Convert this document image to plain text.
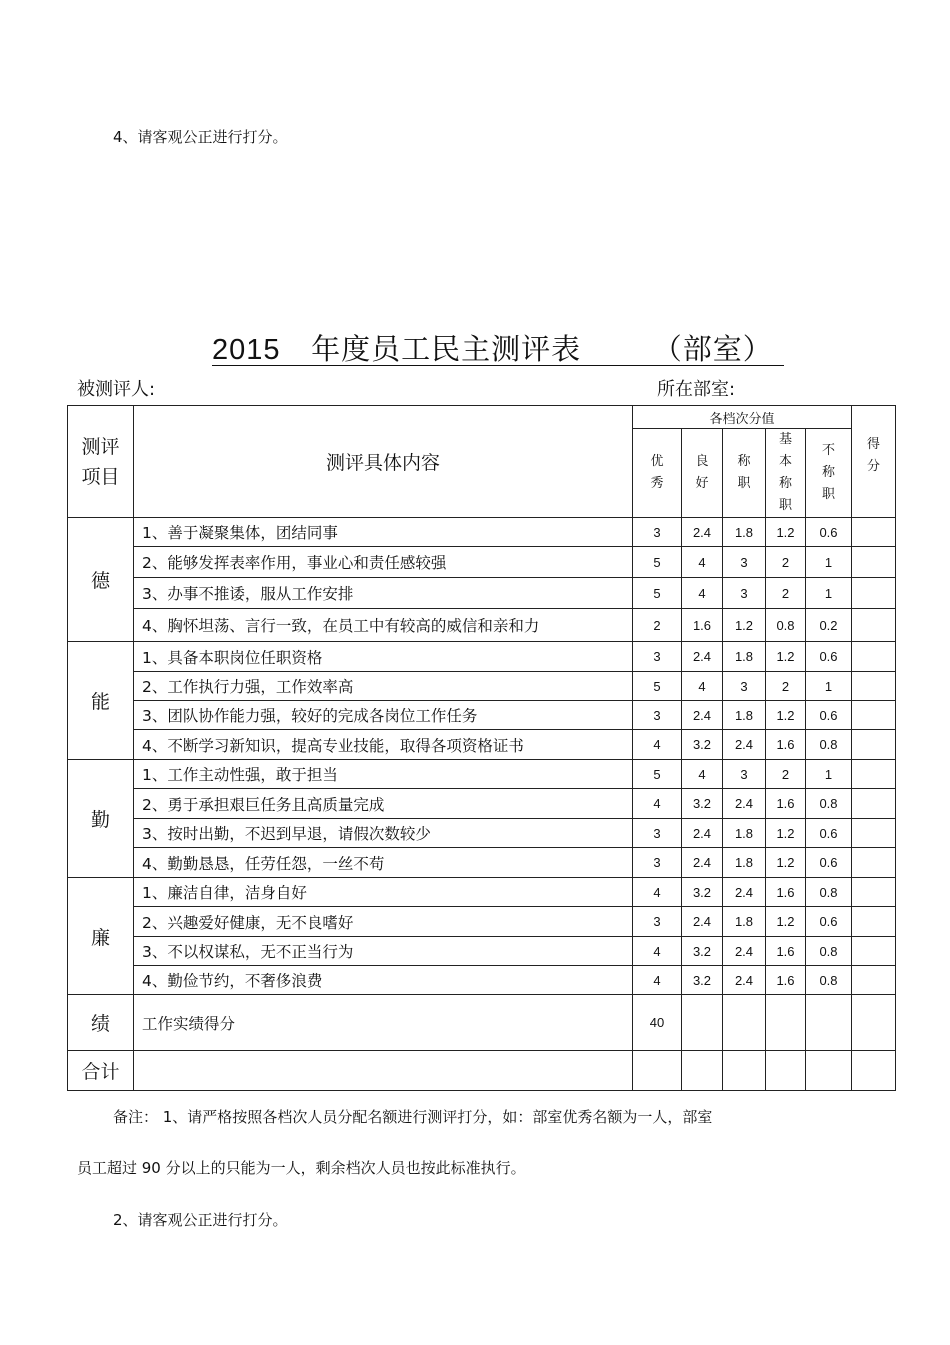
4、请客观公正进行打分。
2015 年度员工民主测评表 （部室）
被测评人:	所在部室:
测评项目	测评具体内容	各档次分值					得分

		优秀	良好	称职	基本称职	不称职	

德	1、善于凝聚集体，团结同事	3	2.4	1.8	1.2	0.6	
	2、能够发挥表率作用，事业心和责任感较强	5	4	3	2	1	
	3、办事不推诿，服从工作安排	5	4	3	2	1	
	4、胸怀坦荡、言行一致，在员工中有较高的威信和亲和力	2	1.6	1.2	0.8	0.2	
能	1、具备本职岗位任职资格	3	2.4	1.8	1.2	0.6	
	2、工作执行力强，工作效率高	5	4	3	2	1	
	3、团队协作能力强，较好的完成各岗位工作任务	3	2.4	1.8	1.2	0.6	
	4、不断学习新知识，提高专业技能，取得各项资格证书	4	3.2	2.4	1.6	0.8	
勤	1、工作主动性强，敢于担当	5	4	3	2	1	
	2、勇于承担艰巨任务且高质量完成	4	3.2	2.4	1.6	0.8	
	3、按时出勤，不迟到早退，请假次数较少	3	2.4	1.8	1.2	0.6	
	4、勤勤恳恳，任劳任怨，一丝不苟	3	2.4	1.8	1.2	0.6	
廉	1、廉洁自律，洁身自好	4	3.2	2.4	1.6	0.8	
	2、兴趣爱好健康，无不良嗜好	3	2.4	1.8	1.2	0.6	
	3、不以权谋私，无不正当行为	4	3.2	2.4	1.6	0.8	
	4、勤俭节约，不奢侈浪费	4	3.2	2.4	1.6	0.8	
绩	工作实绩得分	40					
合计							
备注： 1、请严格按照各档次人员分配名额进行测评打分，如：部室优秀名额为一人，部室
员工超过 90 分以上的只能为一人，剩余档次人员也按此标准执行。
2、请客观公正进行打分。
